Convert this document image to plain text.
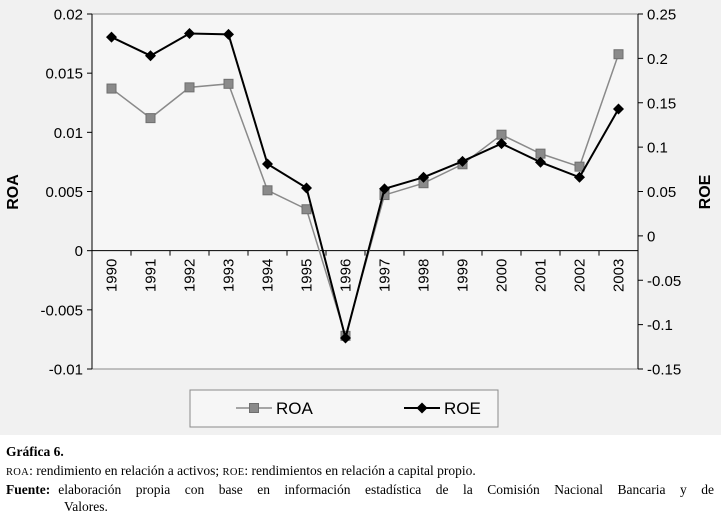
0.02
0.015
0.01
0.005
0
-0.005
-0.01
0.25
0.2
0.15
0.1
0.05
0
-0.05
-0.1
-0.15
1990 1991 1992 1993 1994 1995 1996 1997 1998 1999 2000 2001 2002 2003
ROA	ROE
ROA	ROE
Gráfica 6.
ROA: rendimiento en relación a activos; ROE: rendimientos en relación a capital propio.
Fuente: elaboración propia con base en información estadística de la Comisión Nacional Bancaria y de
Valores.
